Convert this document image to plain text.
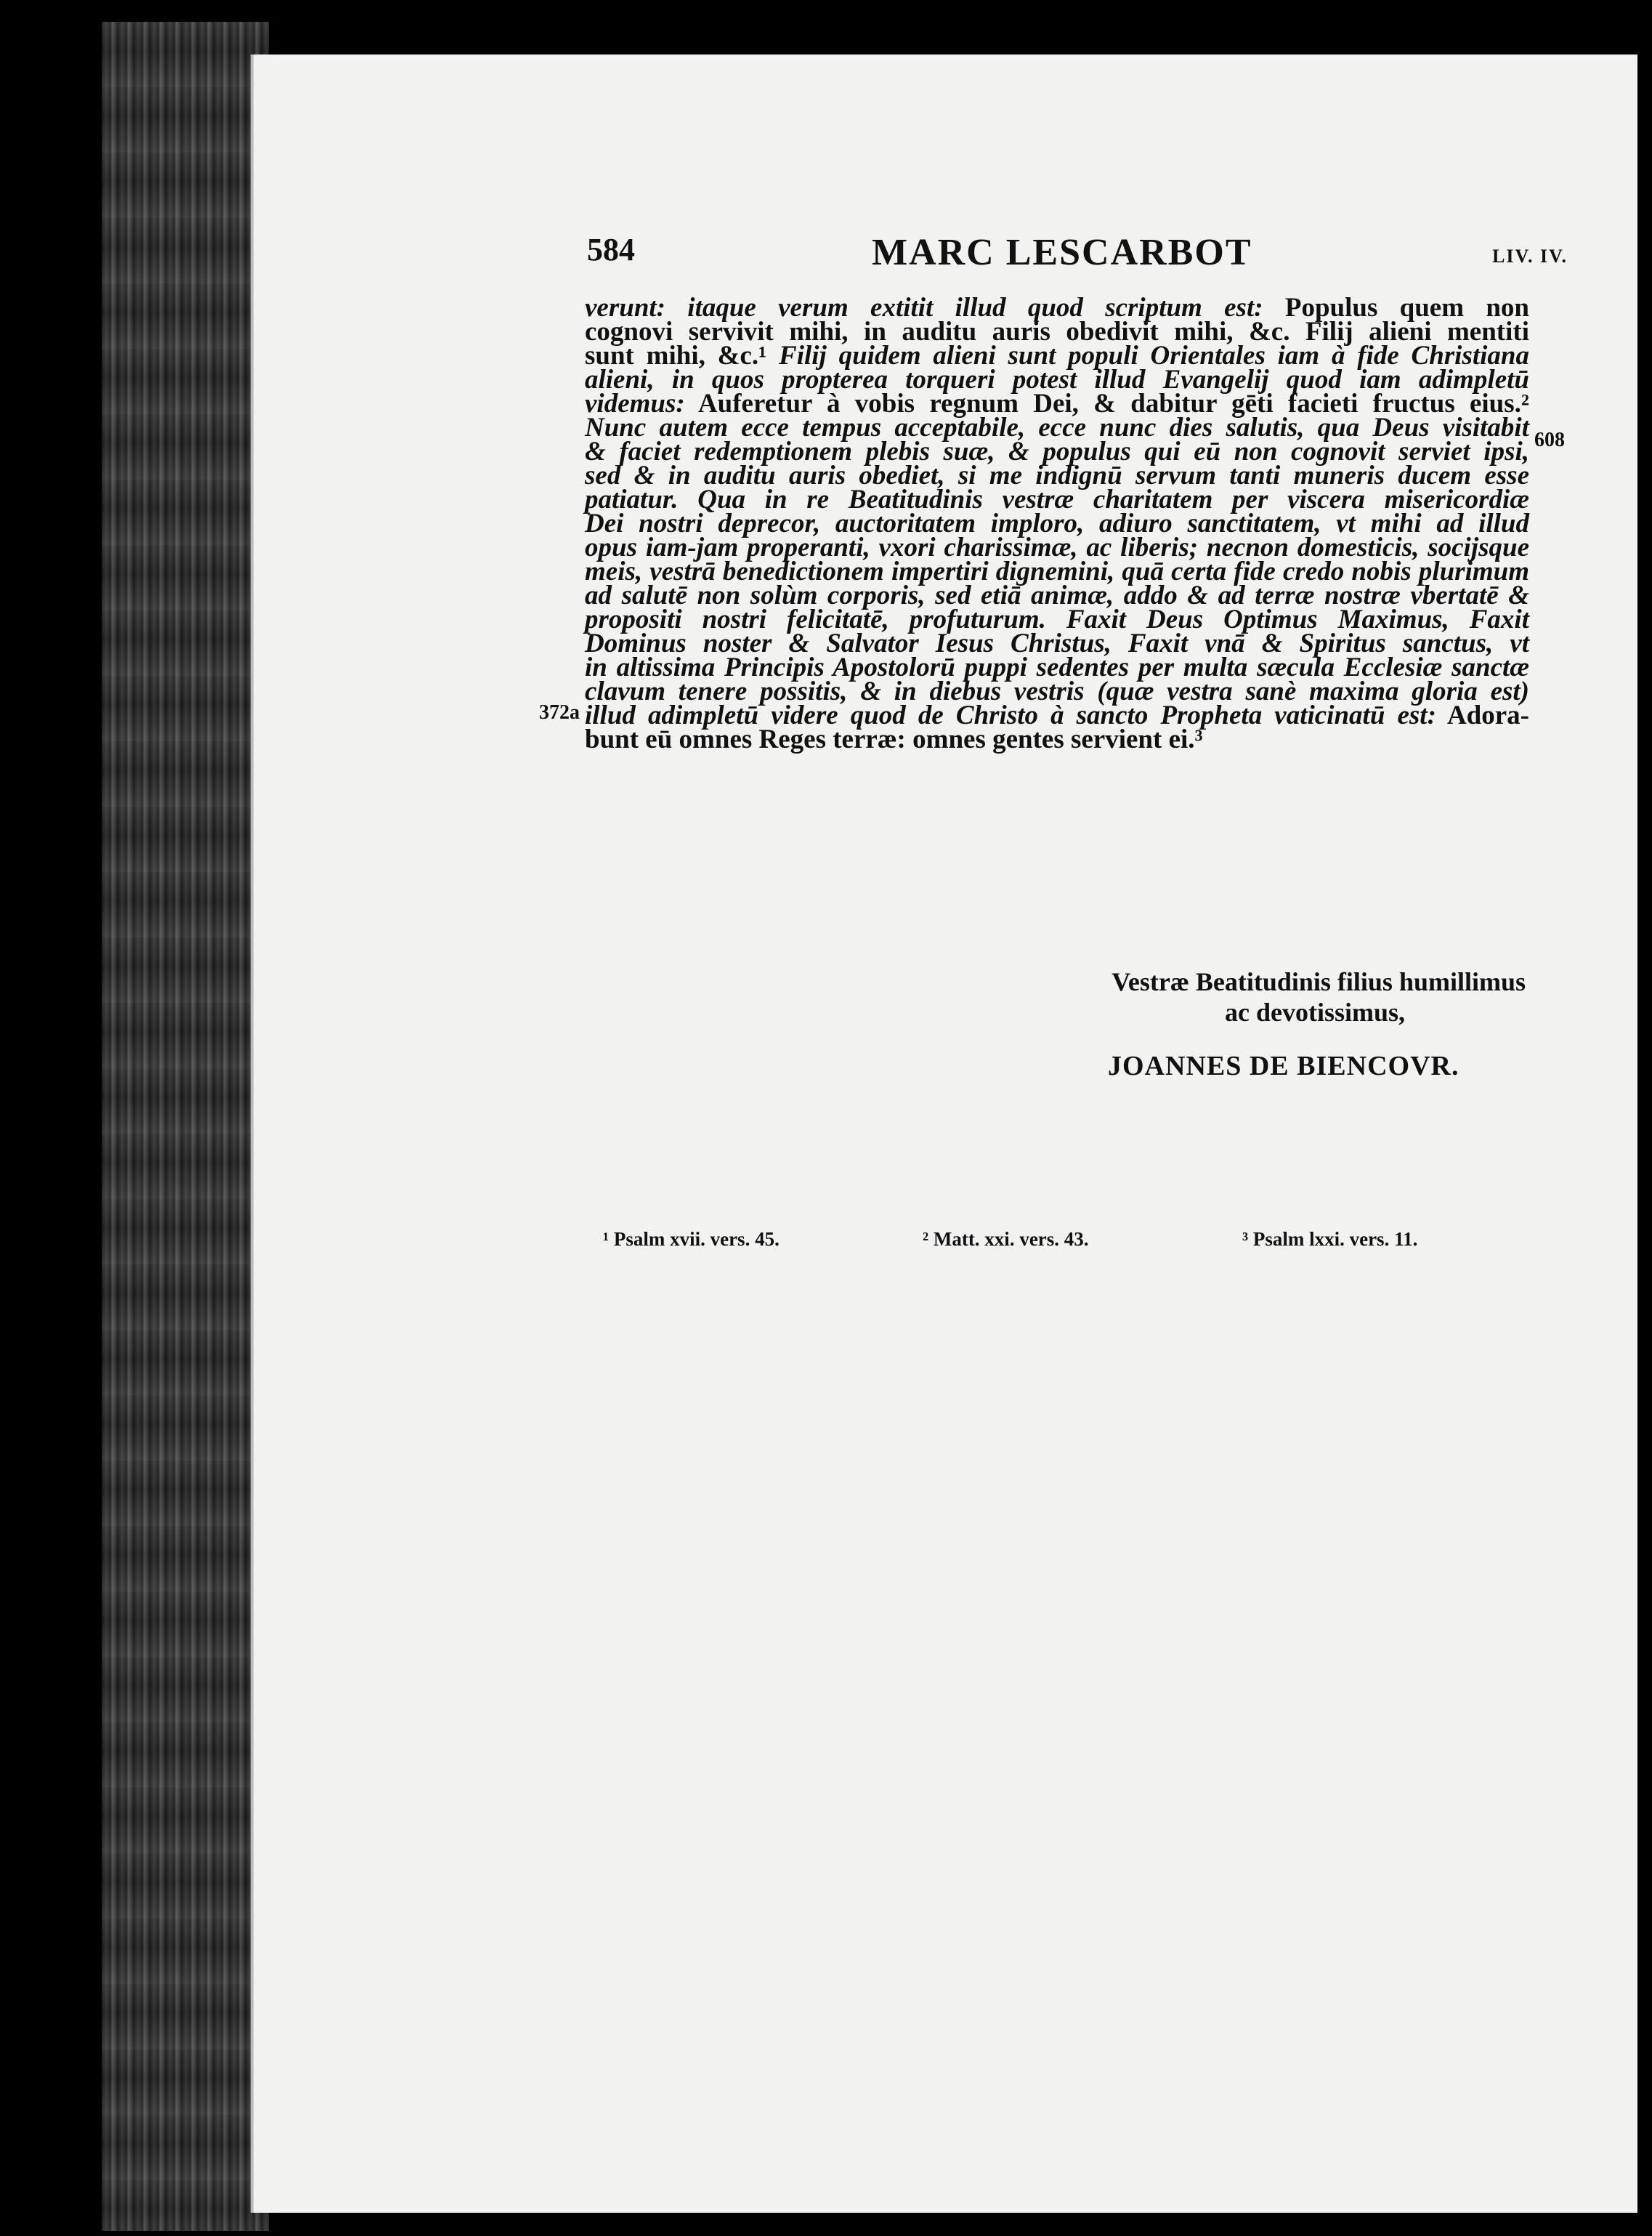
584	MARC LESCARBOT	LIV. IV.
verunt: itaque verum extitit illud quod scriptum est: Populus quem non
cognovi servivit mihi, in auditu auris obedivit mihi, &c. Filij alieni mentiti
sunt mihi, &c.¹ Filij quidem alieni sunt populi Orientales iam à fide Christiana
alieni, in quos propterea torqueri potest illud Evangelij quod iam adimpletū
videmus: Auferetur à vobis regnum Dei, & dabitur gēti facieti fructus eius.²
Nunc autem ecce tempus acceptabile, ecce nunc dies salutis, qua Deus visitabit
& faciet redemptionem plebis suæ, & populus qui eū non cognovit serviet ipsi,
sed & in auditu auris obediet, si me indignū servum tanti muneris ducem esse
patiatur. Qua in re Beatitudinis vestræ charitatem per viscera misericordiæ
Dei nostri deprecor, auctoritatem imploro, adiuro sanctitatem, vt mihi ad illud
opus iam-jam properanti, vxori charissimæ, ac liberis; necnon domesticis, socijsque
meis, vestrā benedictionem impertiri dignemini, quā certa fide credo nobis plurimum
ad salutē non solùm corporis, sed etiā animæ, addo & ad terræ nostræ vbertatē &
propositi nostri felicitatē, profuturum. Faxit Deus Optimus Maximus, Faxit
Dominus noster & Salvator Iesus Christus, Faxit vnā & Spiritus sanctus, vt
in altissima Principis Apostolorū puppi sedentes per multa sæcula Ecclesiæ sanctæ
clavum tenere possitis, & in diebus vestris (quæ vestra sanè maxima gloria est)
illud adimpletū videre quod de Christo à sancto Propheta vaticinatū est: Adora-
bunt eū omnes Reges terræ: omnes gentes servient ei.³
608
372a
Vestræ Beatitudinis filius humillimus
ac devotissimus,
JOANNES DE BIENCOVR.
¹ Psalm xvii. vers. 45.	² Matt. xxi. vers. 43.	³ Psalm lxxi. vers. 11.
